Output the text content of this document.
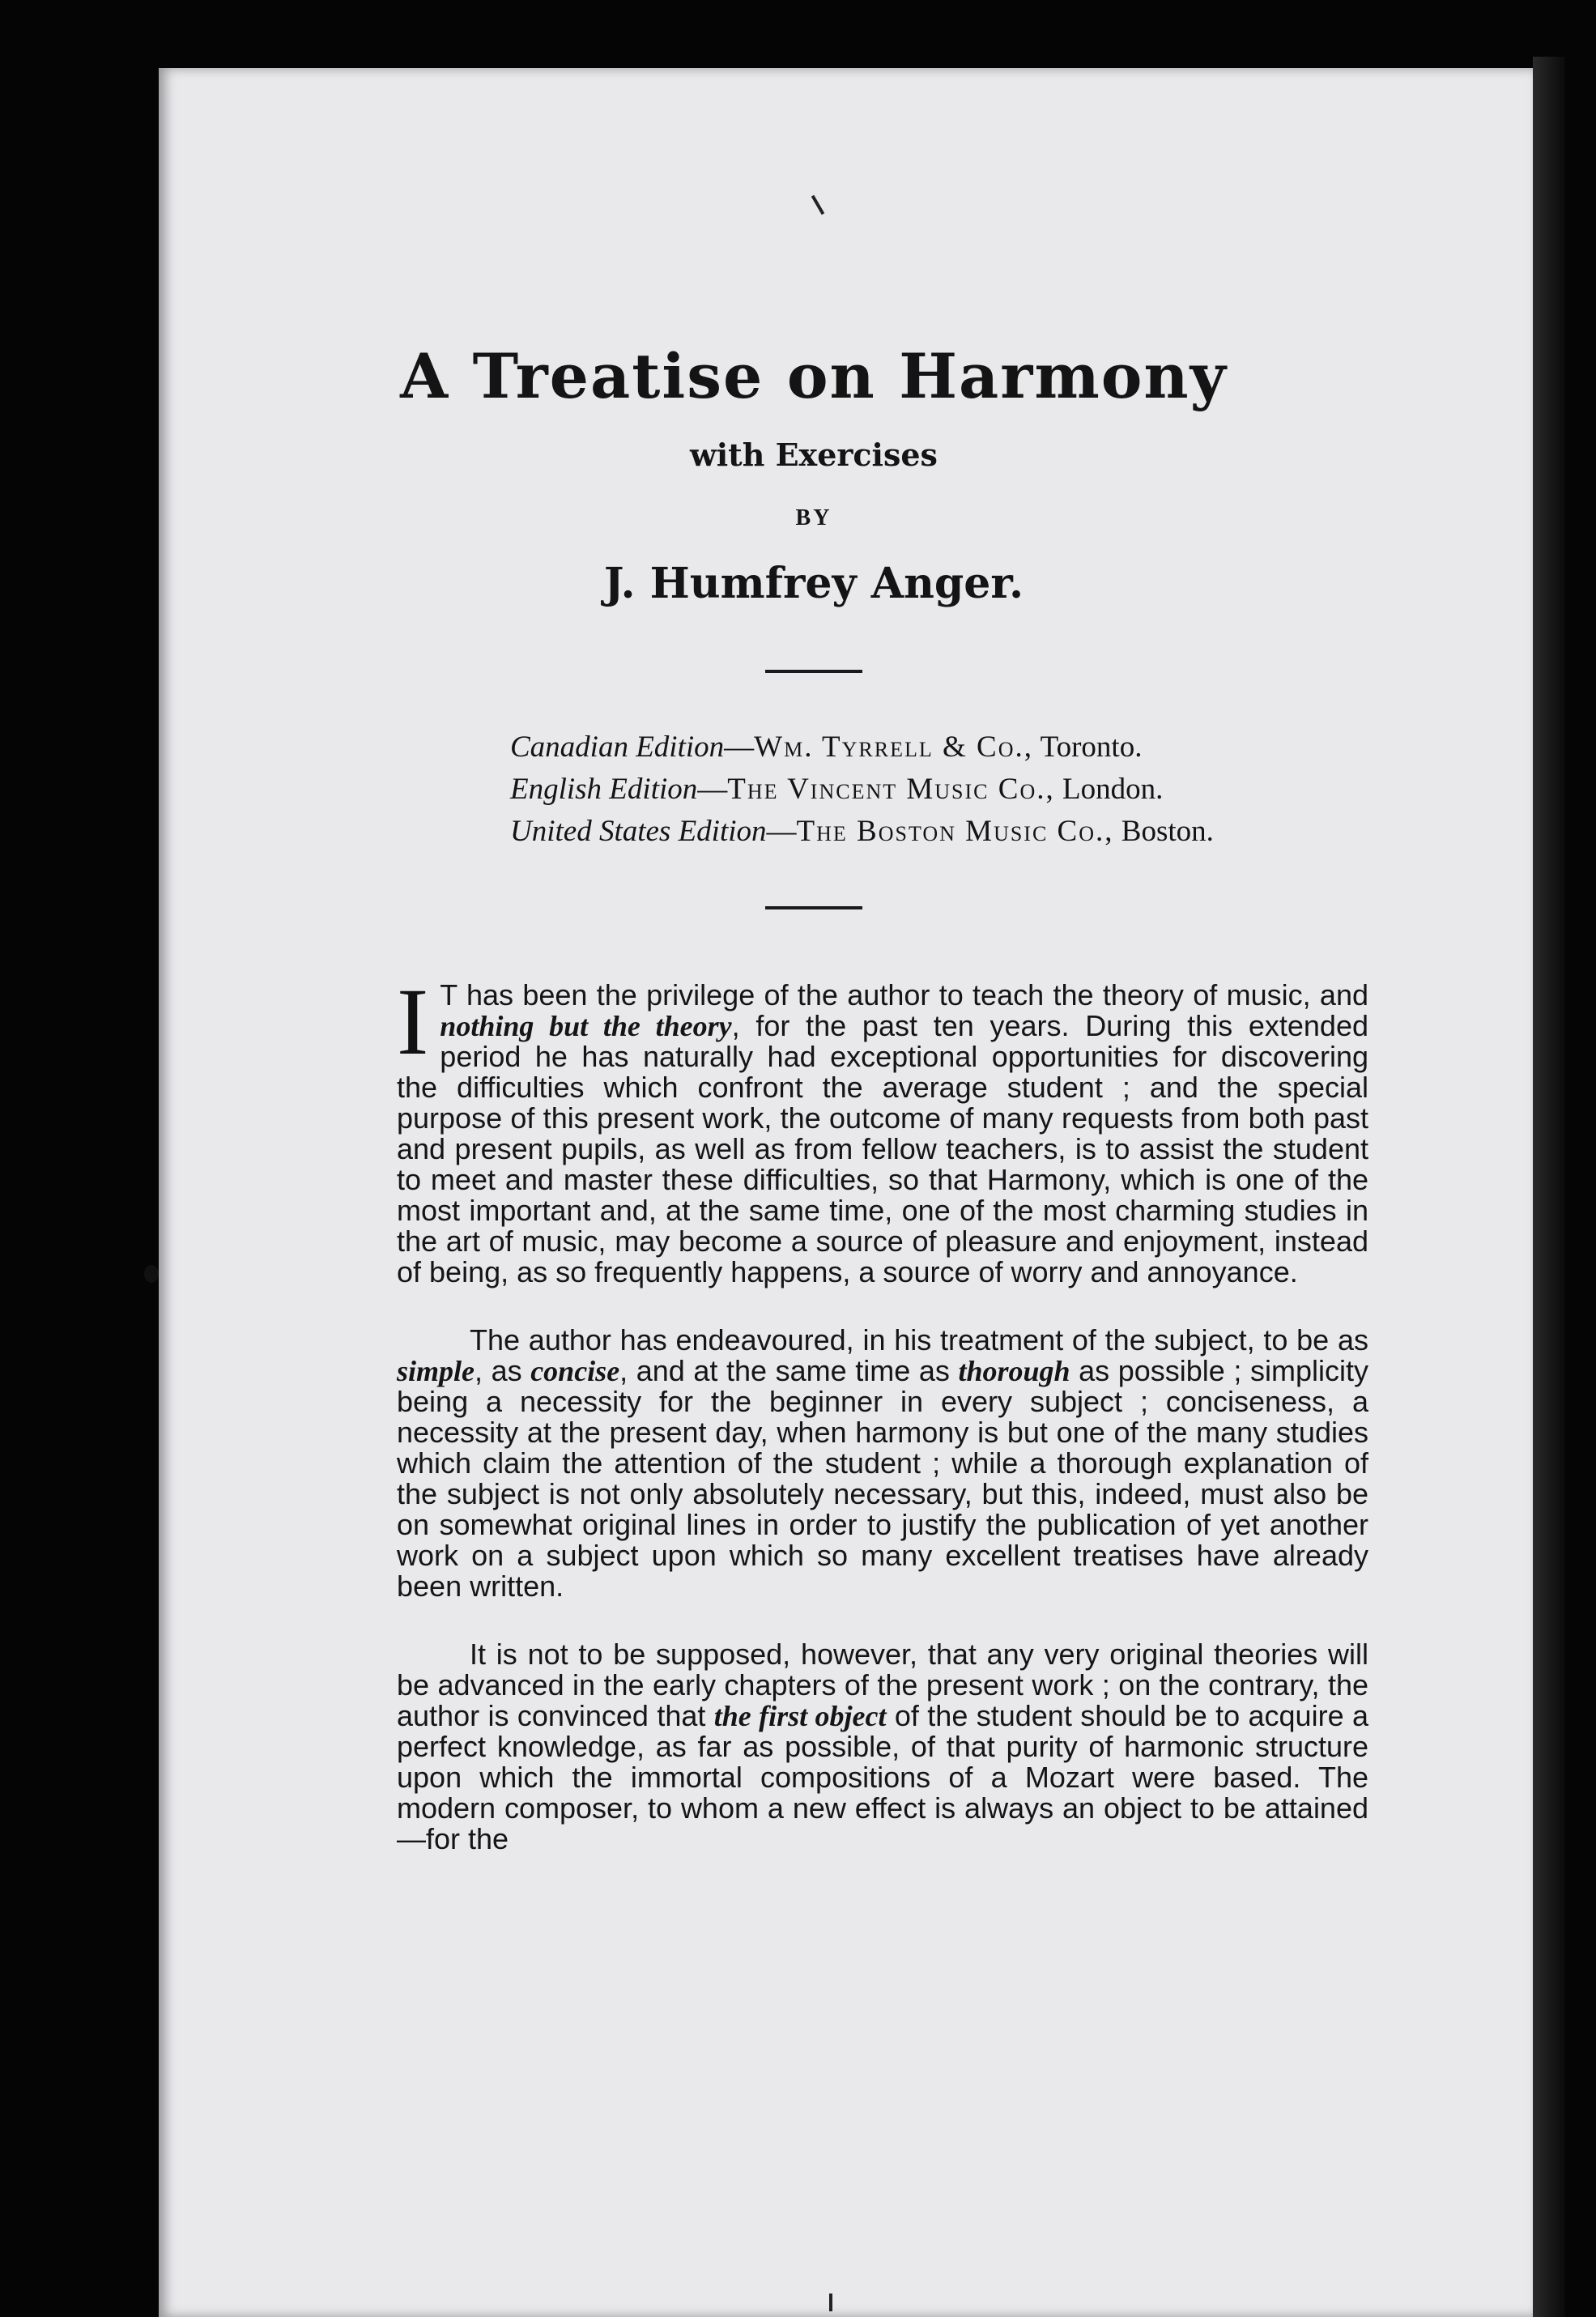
A Treatise on Harmony
with Exercises
BY
J. Humfrey Anger.
Canadian Edition—Wm. Tyrrell & Co., Toronto.
English Edition—The Vincent Music Co., London.
United States Edition—The Boston Music Co., Boston.

I T has been the privilege of the author to teach the theory of music, and nothing but the theory, for the past ten years. During this extended period he has naturally had exceptional opportunities for discovering the difficulties which confront the average student ; and the special purpose of this present work, the outcome of many requests from both past and present pupils, as well as from fellow teachers, is to assist the student to meet and master these difficulties, so that Harmony, which is one of the most important and, at the same time, one of the most charming studies in the art of music, may become a source of pleasure and enjoyment, instead of being, as so frequently happens, a source of worry and annoyance.

The author has endeavoured, in his treatment of the subject, to be as simple, as concise, and at the same time as thorough as possible ; simplicity being a necessity for the beginner in every subject ; conciseness, a necessity at the present day, when harmony is but one of the many studies which claim the attention of the student ; while a thorough explanation of the subject is not only absolutely necessary, but this, indeed, must also be on somewhat original lines in order to justify the publication of yet another work on a subject upon which so many excellent treatises have already been written.

It is not to be supposed, however, that any very original theories will be advanced in the early chapters of the present work ; on the contrary, the author is convinced that the first object of the student should be to acquire a perfect knowledge, as far as possible, of that purity of harmonic structure upon which the immortal compositions of a Mozart were based. The modern composer, to whom a new effect is always an object to be attained—for the
